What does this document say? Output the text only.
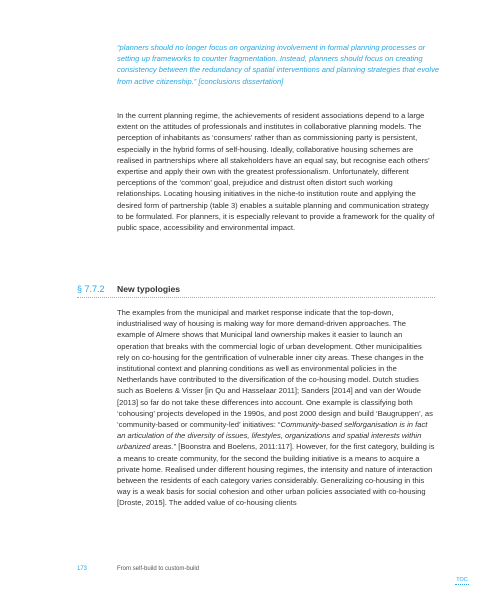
“planners should no longer focus on organizing involvement in formal planning processes or setting up frameworks to counter fragmentation. Instead, planners should focus on creating consistency between the redundancy of spatial interventions and planning strategies that evolve from active citizenship.” [conclusions dissertation]

In the current planning regime, the achievements of resident associations depend to a large extent on the attitudes of professionals and institutes in collaborative planning models. The perception of inhabitants as ‘consumers’ rather than as commissioning party is persistent, especially in the hybrid forms of self-housing. Ideally, collaborative housing schemes are realised in partnerships where all stakeholders have an equal say, but recognise each others’ expertise and apply their own with the greatest professionalism. Unfortunately, different perceptions of the ‘common’ goal, prejudice and distrust often distort such working relationships. Locating housing initiatives in the niche-to institution route and applying the desired form of partnership (table 3) enables a suitable planning and communication strategy to be formulated. For planners, it is especially relevant to provide a framework for the quality of public space, accessibility and environmental impact.

§ 7.7.2 New typologies

The examples from the municipal and market response indicate that the top-down, industrialised way of housing is making way for more demand-driven approaches. The example of Almere shows that Municipal land ownership makes it easier to launch an operation that breaks with the commercial logic of urban development. Other municipalities rely on co-housing for the gentrification of vulnerable inner city areas. These changes in the institutional context and planning conditions as well as environmental policies in the Netherlands have contributed to the diversification of the co-housing model. Dutch studies such as Boelens & Visser [in Qu and Hasselaar 2011]; Sanders [2014] and van der Woude [2013] so far do not take these differences into account. One example is classifying both ‘cohousing’ projects developed in the 1990s, and post 2000 design and build ‘Baugruppen’, as ‘community-based or community-led’ initiatives: “Community-based selforganisation is in fact an articulation of the diversity of issues, lifestyles, organizations and spatial interests within urbanized areas.” [Boonstra and Boelens, 2011:117]. However, for the first category, building is a means to create community, for the second the building initiative is a means to acquire a private home. Realised under different housing regimes, the intensity and nature of interaction between the residents of each category varies considerably. Generalizing co-housing in this way is a weak basis for social cohesion and other urban policies associated with co-housing [Droste, 2015]. The added value of co-housing clients

173	From self-build to custom-build
TOC
